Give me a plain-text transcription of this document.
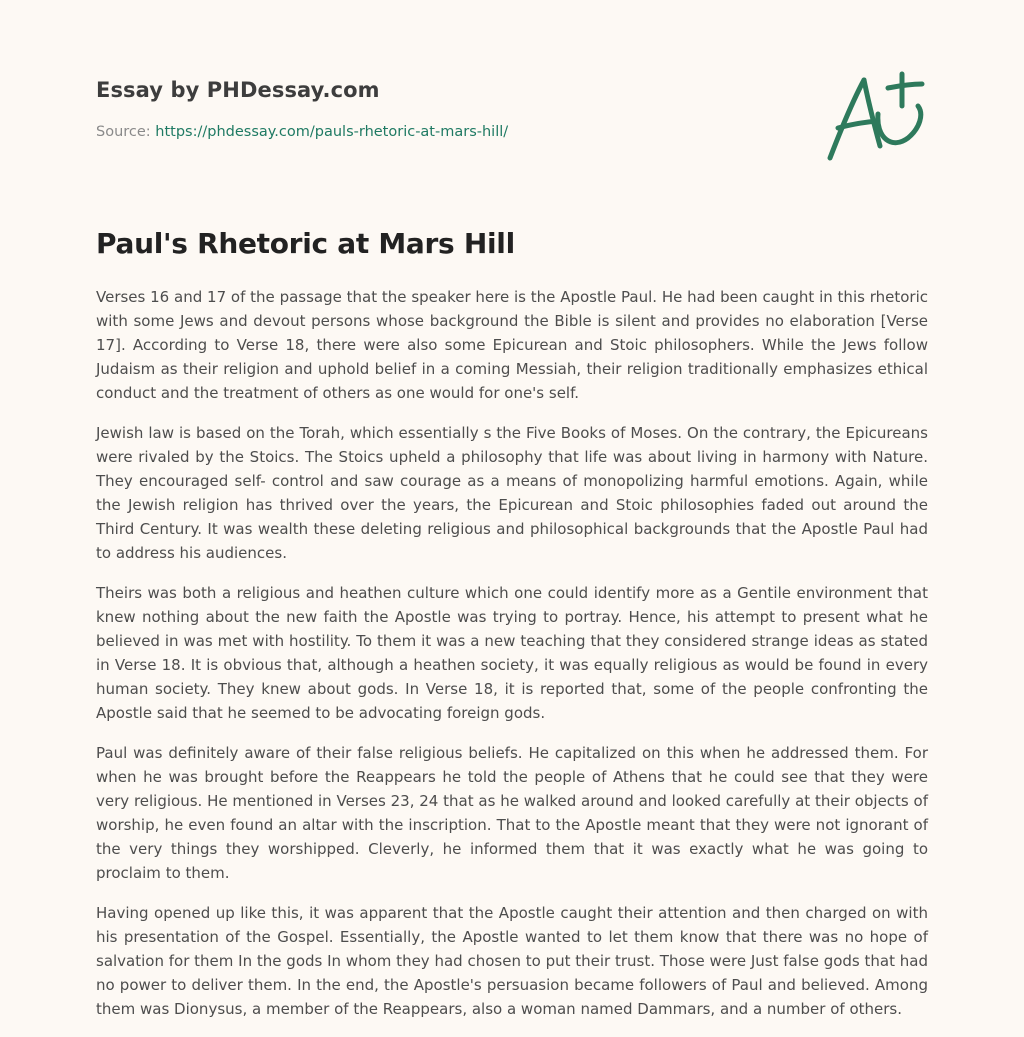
Essay by PHDessay.com
Source: https://phdessay.com/pauls-rhetoric-at-mars-hill/
Paul's Rhetoric at Mars Hill

Verses 16 and 17 of the passage that the speaker here is the Apostle Paul. He had been caught in this rhetoric with some Jews and devout persons whose background the Bible is silent and provides no elaboration [Verse 17]. According to Verse 18, there were also some Epicurean and Stoic philosophers. While the Jews follow Judaism as their religion and uphold belief in a coming Messiah, their religion traditionally emphasizes ethical conduct and the treatment of others as one would for one's self.

Jewish law is based on the Torah, which essentially s the Five Books of Moses. On the contrary, the Epicureans were rivaled by the Stoics. The Stoics upheld a philosophy that life was about living in harmony with Nature. They encouraged self- control and saw courage as a means of monopolizing harmful emotions. Again, while the Jewish religion has thrived over the years, the Epicurean and Stoic philosophies faded out around the Third Century. It was wealth these deleting religious and philosophical backgrounds that the Apostle Paul had to address his audiences.

Theirs was both a religious and heathen culture which one could identify more as a Gentile environment that knew nothing about the new faith the Apostle was trying to portray. Hence, his attempt to present what he believed in was met with hostility. To them it was a new teaching that they considered strange ideas as stated in Verse 18. It is obvious that, although a heathen society, it was equally religious as would be found in every human society. They knew about gods. In Verse 18, it is reported that, some of the people confronting the Apostle said that he seemed to be advocating foreign gods.

Paul was definitely aware of their false religious beliefs. He capitalized on this when he addressed them. For when he was brought before the Reappears he told the people of Athens that he could see that they were very religious. He mentioned in Verses 23, 24 that as he walked around and looked carefully at their objects of worship, he even found an altar with the inscription. That to the Apostle meant that they were not ignorant of the very things they worshipped. Cleverly, he informed them that it was exactly what he was going to proclaim to them.

Having opened up like this, it was apparent that the Apostle caught their attention and then charged on with his presentation of the Gospel. Essentially, the Apostle wanted to let them know that there was no hope of salvation for them In the gods In whom they had chosen to put their trust. Those were Just false gods that had no power to deliver them. In the end, the Apostle's persuasion became followers of Paul and believed. Among them was Dionysus, a member of the Reappears, also a woman named Dammars, and a number of others.
